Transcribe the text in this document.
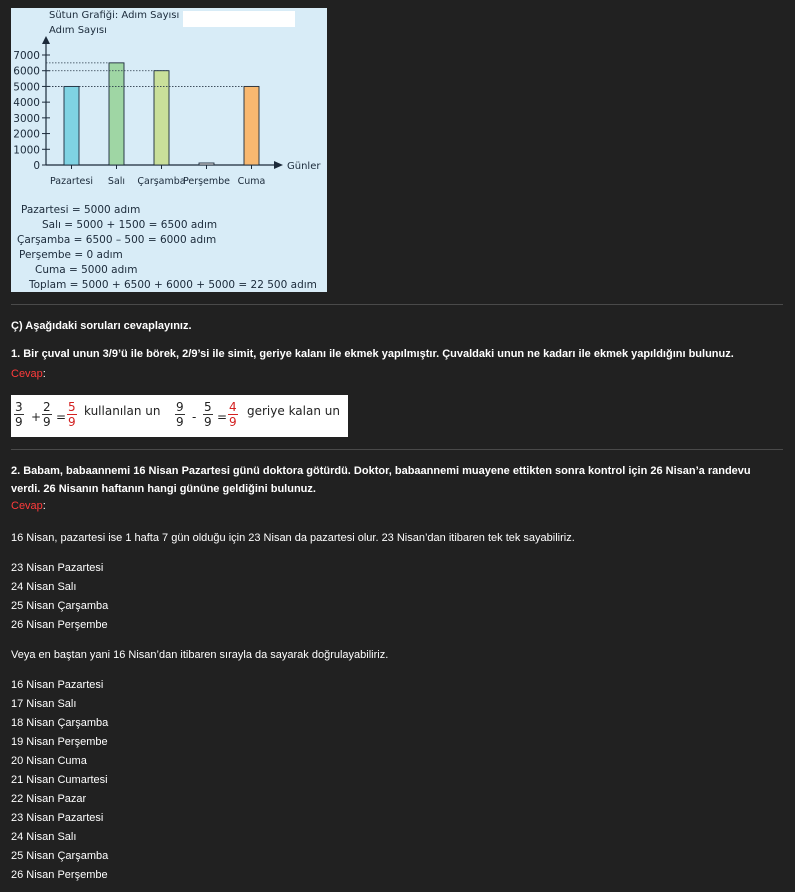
Sütun Grafiği: Adım Sayısı
Adım Sayısı
Günler
0
1000
2000
3000
4000
5000
6000
7000
Pazartesi Salı Çarşamba
Perşembe Cuma
Pazartesi = 5000 adım
Salı = 5000 + 1500 = 6500 adım
Çarşamba = 6500 – 500 = 6000 adım
Perşembe = 0 adım
Cuma = 5000 adım
Toplam = 5000 + 6500 + 6000 + 5000 = 22 500 adım
Ç) Aşağıdaki soruları cevaplayınız.
1. Bir çuval unun 3/9’ü ile börek, 2/9’si ile simit, geriye kalanı ile ekmek yapılmıştır. Çuvaldaki unun ne kadarı ile ekmek yapıldığını bulunuz.
Cevap:
$\frac{3}{9} + \frac{2}{9} = \frac{5}{9}$ kullanılan un $\frac{9}{9} - \frac{5}{9} = \frac{4}{9}$ geriye kalan un
2. Babam, babaannemi 16 Nisan Pazartesi günü doktora götürdü. Doktor, babaannemi muayene ettikten sonra kontrol için 26 Nisan’a randevu verdi. 26 Nisanın haftanın hangi gününe geldiğini bulunuz.
Cevap:
16 Nisan, pazartesi ise 1 hafta 7 gün olduğu için 23 Nisan da pazartesi olur. 23 Nisan’dan itibaren tek tek sayabiliriz.
23 Nisan Pazartesi
24 Nisan Salı
25 Nisan Çarşamba
26 Nisan Perşembe
Veya en baştan yani 16 Nisan’dan itibaren sırayla da sayarak doğrulayabiliriz.
16 Nisan Pazartesi
17 Nisan Salı
18 Nisan Çarşamba
19 Nisan Perşembe
20 Nisan Cuma
21 Nisan Cumartesi
22 Nisan Pazar
23 Nisan Pazartesi
24 Nisan Salı
25 Nisan Çarşamba
26 Nisan Perşembe
